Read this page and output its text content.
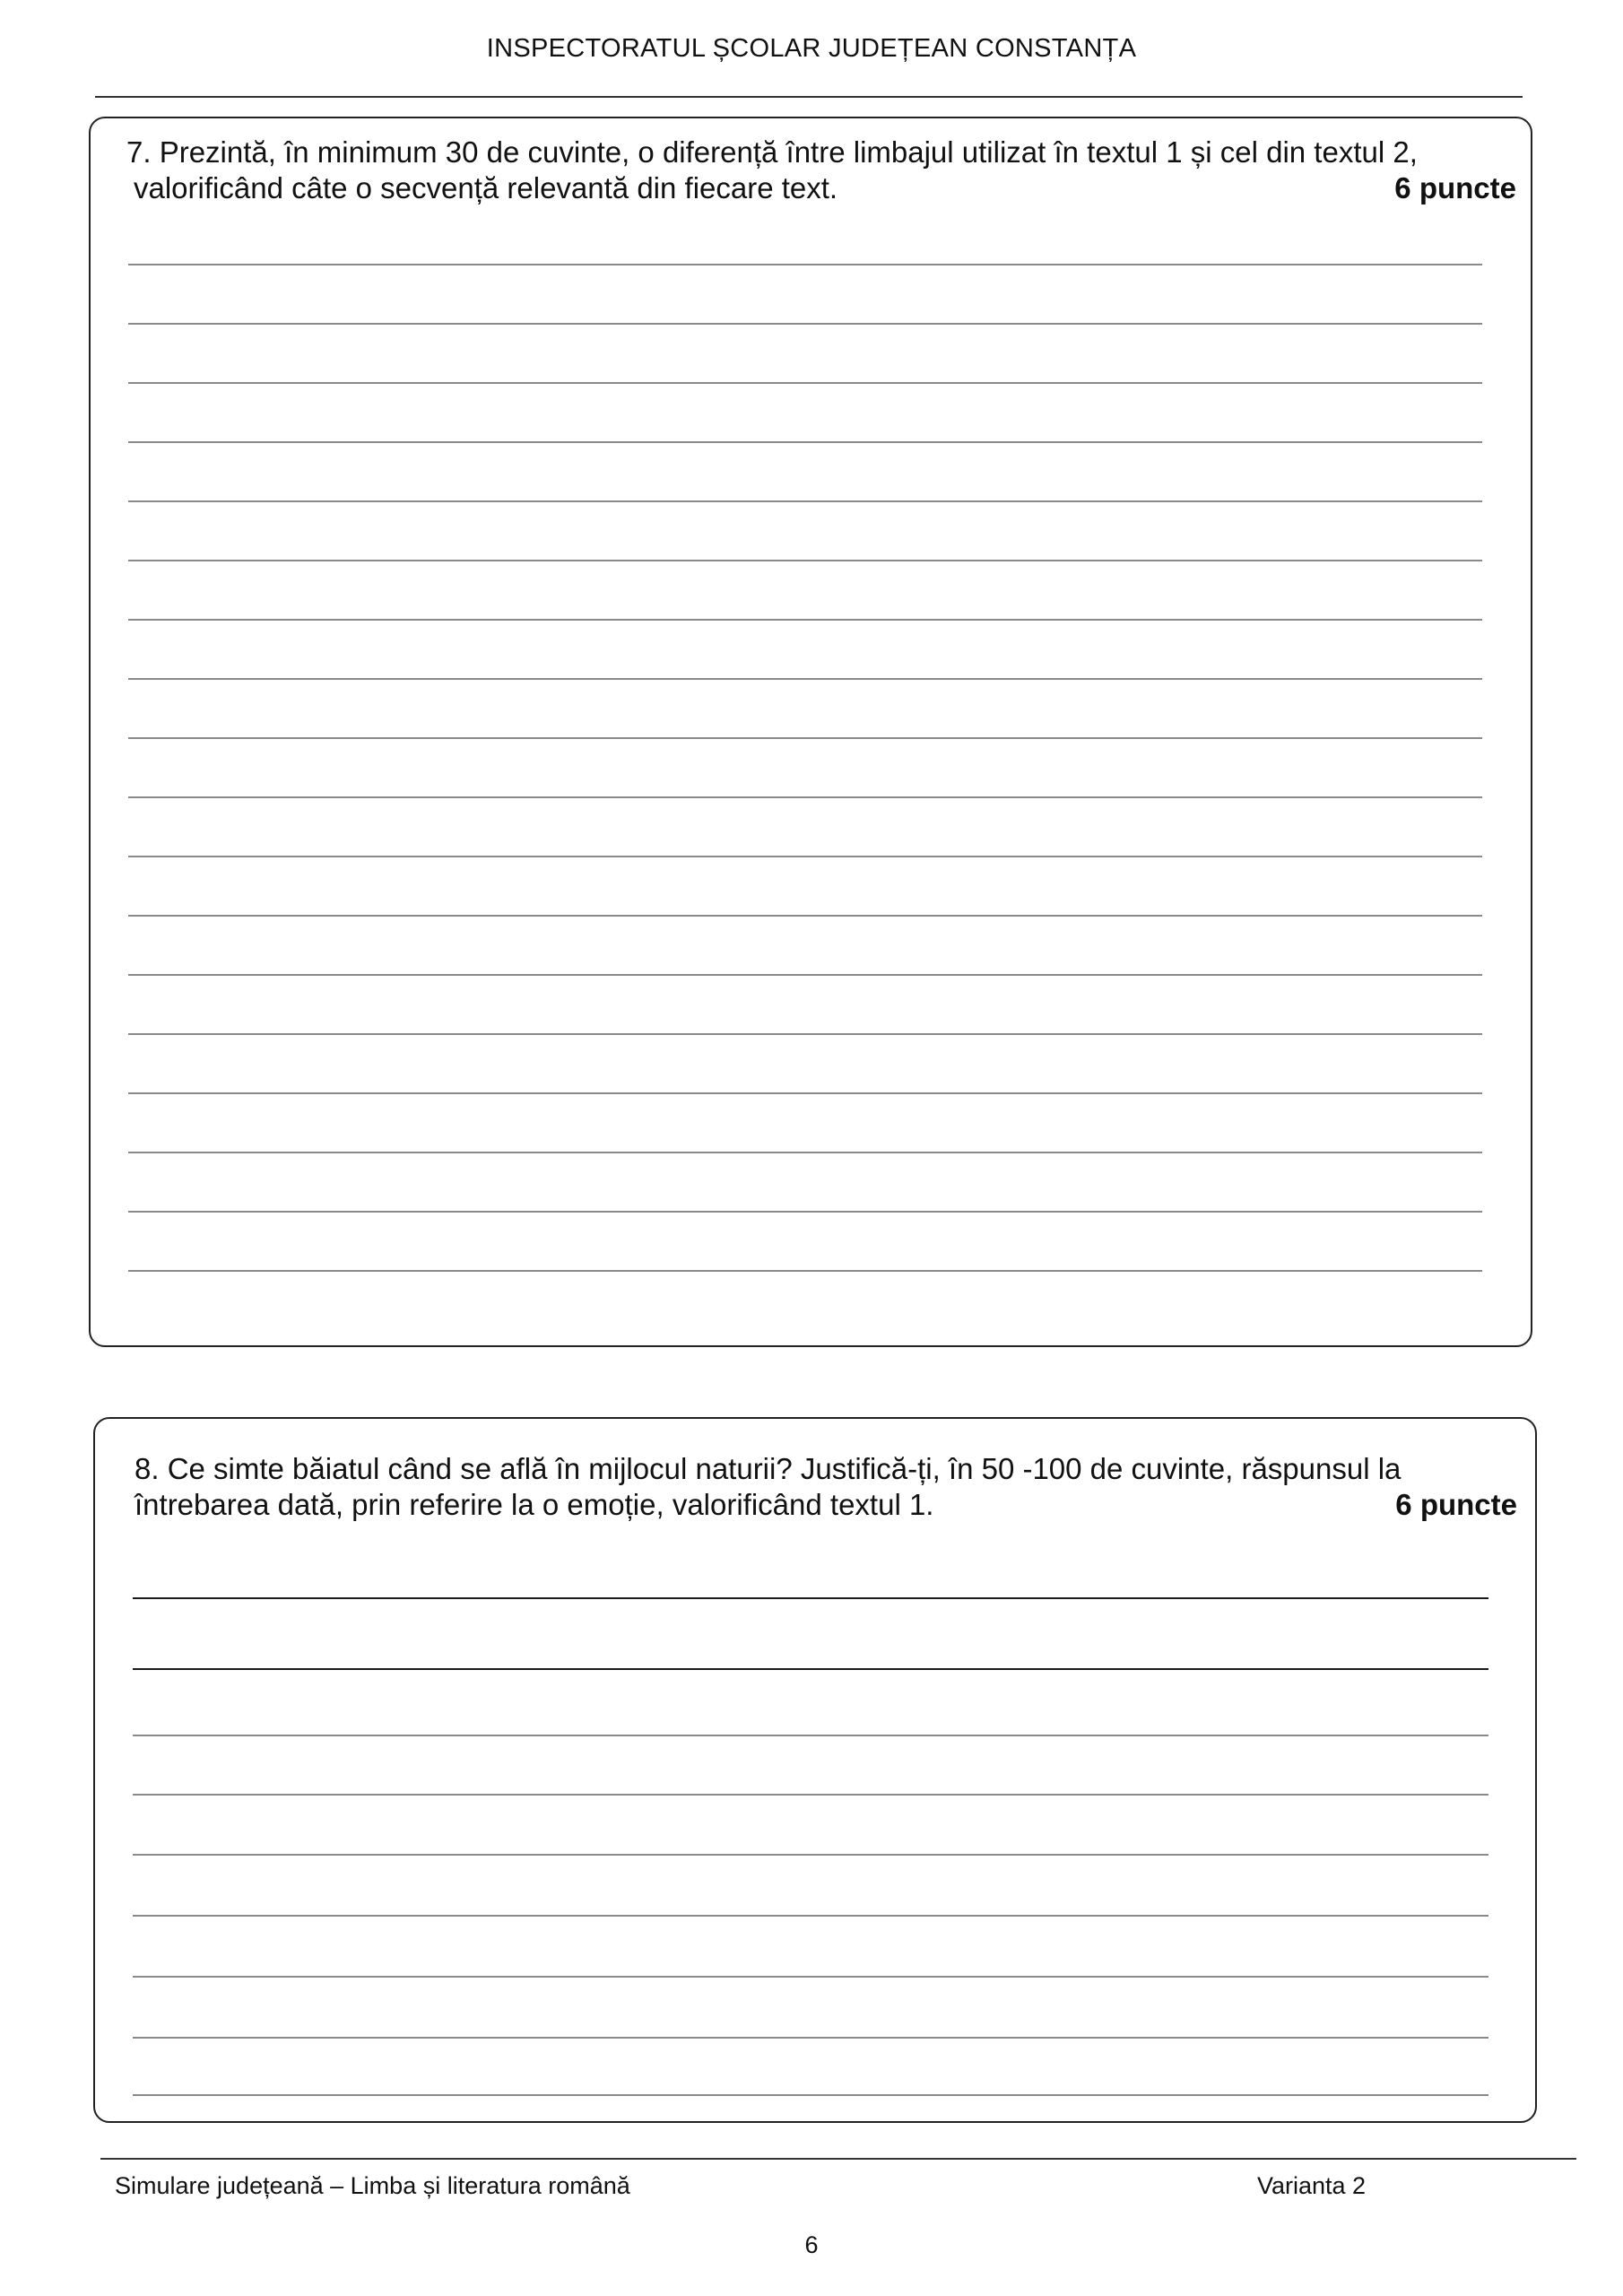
INSPECTORATUL ȘCOLAR JUDEȚEAN CONSTANȚA
7. Prezintă, în minimum 30 de cuvinte, o diferență între limbajul utilizat în textul 1 și cel din textul 2,
valorificând câte o secvență relevantă din fiecare text.	6 puncte
8. Ce simte băiatul când se află în mijlocul naturii? Justifică-ți, în 50 -100 de cuvinte, răspunsul la
întrebarea dată, prin referire la o emoție, valorificând textul 1.	6 puncte
Simulare județeană – Limba și literatura română	Varianta 2
6
